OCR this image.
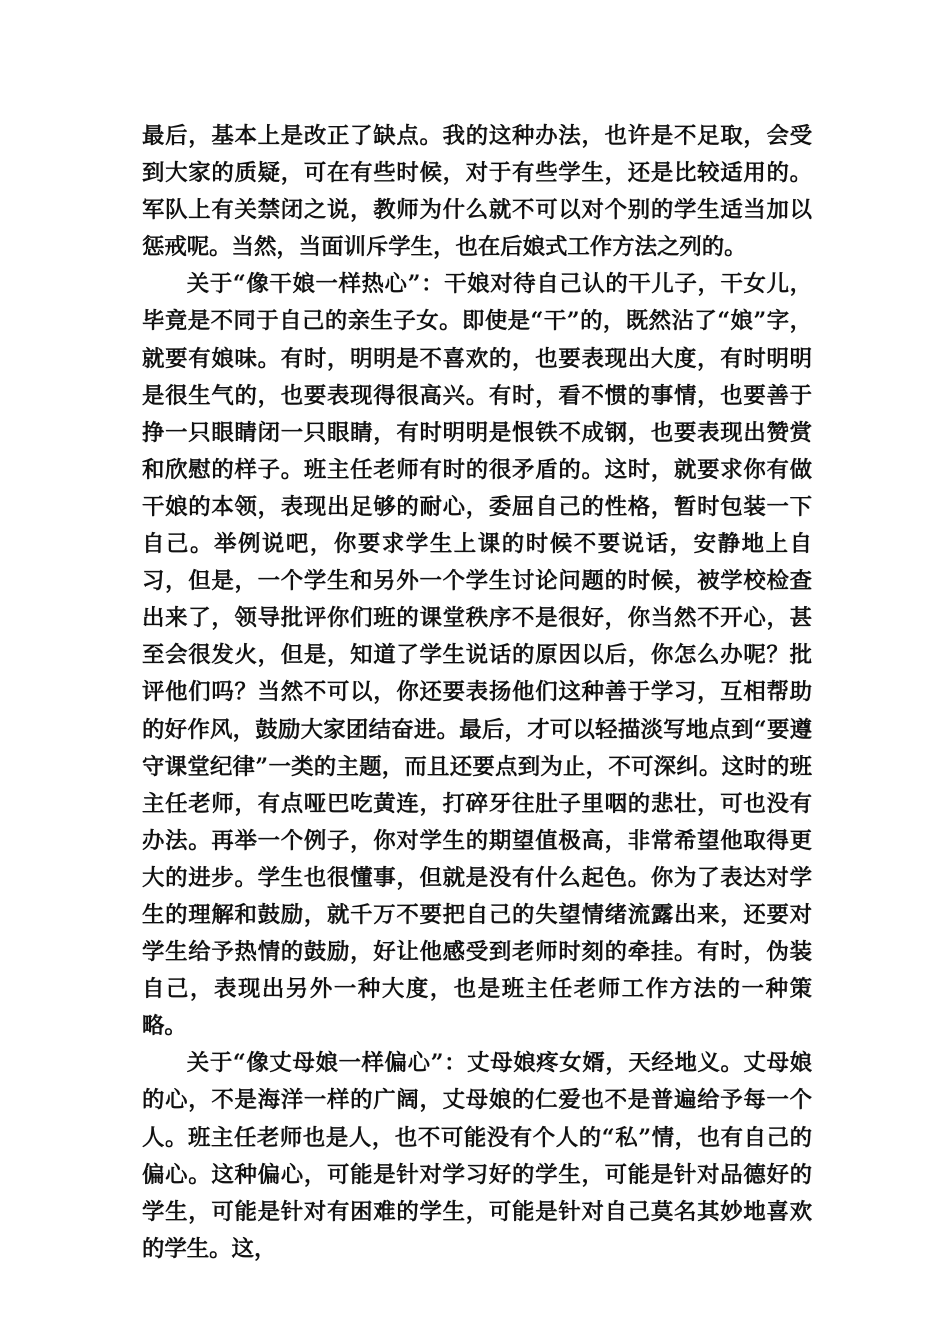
最后，基本上是改正了缺点。我的这种办法，也许是不足取，会受到大家的质疑，可在有些时候，对于有些学生，还是比较适用的。军队上有关禁闭之说，教师为什么就不可以对个别的学生适当加以惩戒呢。当然，当面训斥学生，也在后娘式工作方法之列的。

关于“像干娘一样热心”：干娘对待自己认的干儿子，干女儿，毕竟是不同于自己的亲生子女。即使是“干”的，既然沾了“娘”字，就要有娘味。有时，明明是不喜欢的，也要表现出大度，有时明明是很生气的，也要表现得很高兴。有时，看不惯的事情，也要善于挣一只眼睛闭一只眼睛，有时明明是恨铁不成钢，也要表现出赞赏和欣慰的样子。班主任老师有时的很矛盾的。这时，就要求你有做干娘的本领，表现出足够的耐心，委屈自己的性格，暂时包装一下自己。举例说吧，你要求学生上课的时候不要说话，安静地上自习，但是，一个学生和另外一个学生讨论问题的时候，被学校检查出来了，领导批评你们班的课堂秩序不是很好，你当然不开心，甚至会很发火，但是，知道了学生说话的原因以后，你怎么办呢？批评他们吗？当然不可以，你还要表扬他们这种善于学习，互相帮助的好作风，鼓励大家团结奋进。最后，才可以轻描淡写地点到“要遵守课堂纪律”一类的主题，而且还要点到为止，不可深纠。这时的班主任老师，有点哑巴吃黄连，打碎牙往肚子里咽的悲壮，可也没有办法。再举一个例子，你对学生的期望值极高，非常希望他取得更大的进步。学生也很懂事，但就是没有什么起色。你为了表达对学生的理解和鼓励，就千万不要把自己的失望情绪流露出来，还要对学生给予热情的鼓励，好让他感受到老师时刻的牵挂。有时，伪装自己，表现出另外一种大度，也是班主任老师工作方法的一种策略。

关于“像丈母娘一样偏心”：丈母娘疼女婿，天经地义。丈母娘的心，不是海洋一样的广阔，丈母娘的仁爱也不是普遍给予每一个人。班主任老师也是人，也不可能没有个人的“私”情，也有自己的偏心。这种偏心，可能是针对学习好的学生，可能是针对品德好的学生，可能是针对有困难的学生，可能是针对自己莫名其妙地喜欢的学生。这，
